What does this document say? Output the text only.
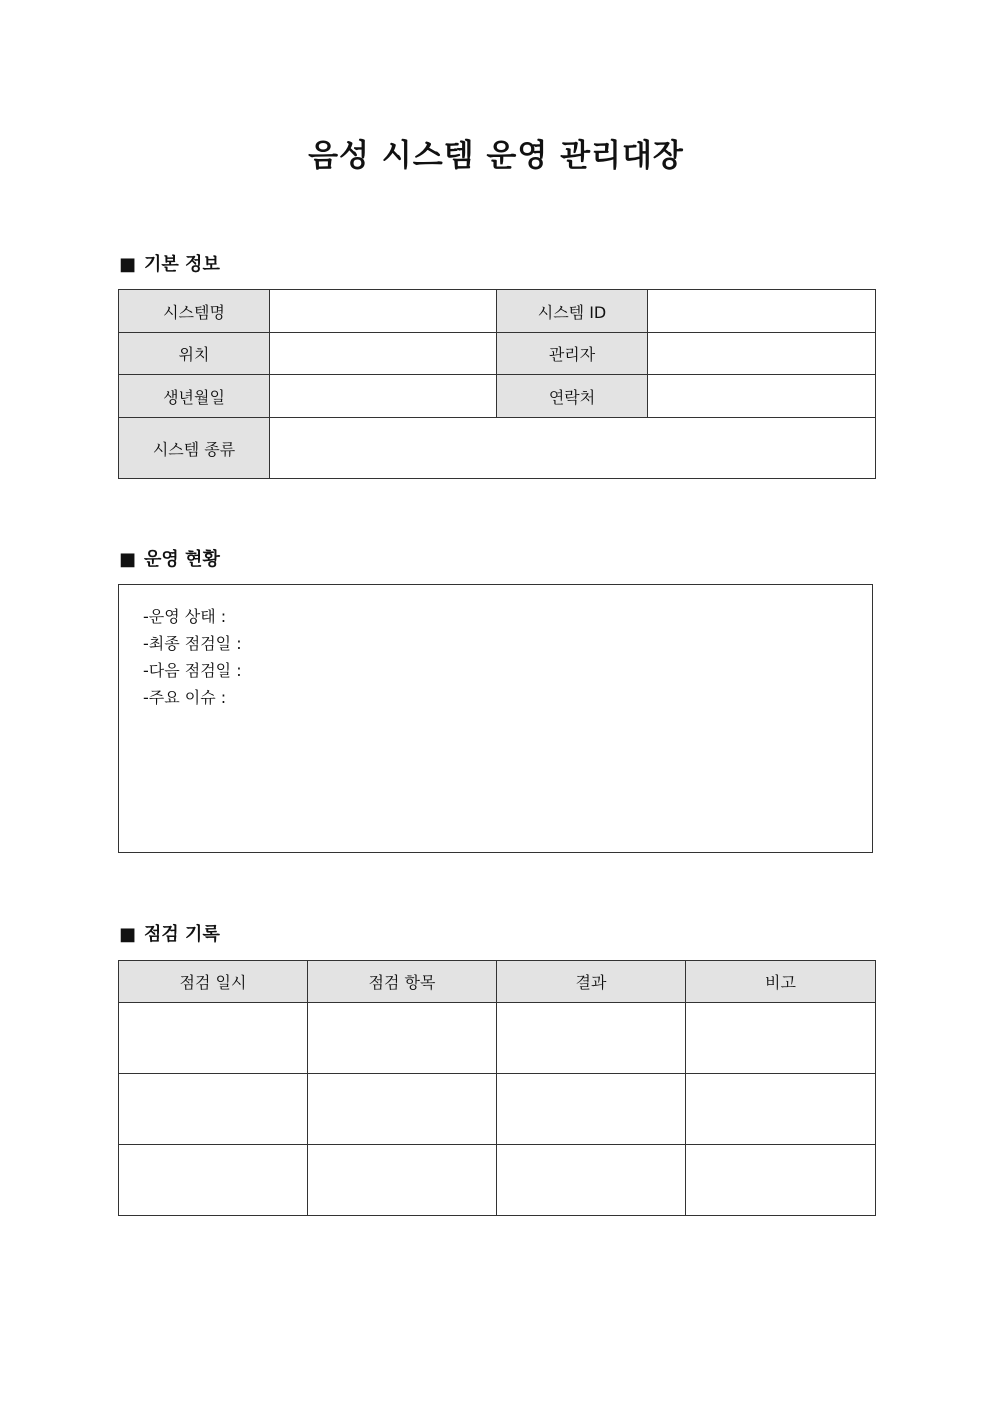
음성 시스템 운영 관리대장
■ 기본 정보
시스템명		시스템 ID	
위치		관리자	
생년월일		연락처	
시스템 종류			
■ 운영 현황
-운영 상태 :
-최종 점검일 :
-다음 점검일 :
-주요 이슈 :
■ 점검 기록
점검 일시	점검 항목	결과	비고
